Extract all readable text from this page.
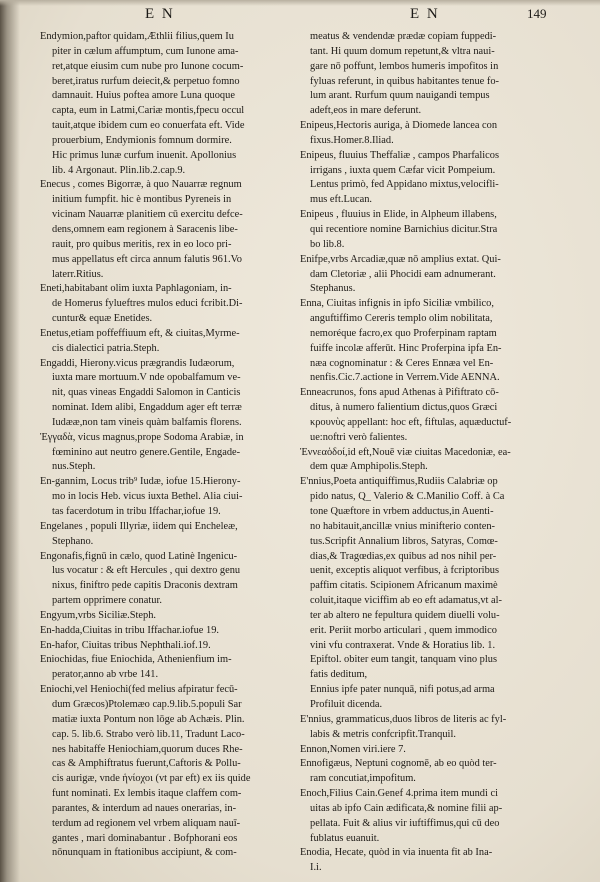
E N	E N	149
Endymion,paftor quidam,Æthlii filius,quem Iu
piter in cælum affumptum, cum Iunone ama-
ret,atque eiusim cum nube pro Iunone cocum-
beret,iratus rurfum deiecit,& perpetuo fomno
damnauit. Huius poftea amore Luna quoque
capta, eum in Latmi,Cariæ montis,fpecu occul
tauit,atque ibidem cum eo conuerfata eft. Vide
prouerbium, Endymionis fomnum dormire.
Hic primus lunæ curfum inuenit. Apollonius
lib. 4 Argonaut. Plin.lib.2.cap.9.
Enecus , comes Bigorræ, à quo Nauarræ regnum
initium fumpfit. hic è montibus Pyreneis in
vicinam Nauarræ planitiem cū exercitu defce-
dens,omnem eam regionem à Saracenis libe-
rauit, pro quibus meritis, rex in eo loco pri-
mus appellatus eft circa annum falutis 961.Vo
laterr.Ritius.
Eneti,habitabant olim iuxta Paphlagoniam, in-
de Homerus fylueftres mulos educi fcribit.Di-
cuntur& equæ Enetides.
Enetus,etiam poffeffiuum eft, & ciuitas,Myrme-
cis dialectici patria.Steph.
Engaddi, Hierony.vicus prægrandis Iudæorum,
iuxta mare mortuum.V nde opobalfamum ve-
nit, quas vineas Engaddi Salomon in Canticis
nominat. Idem alibi, Engaddum ager eft terræ
Iudææ,non tam vineis quàm balfamis florens.
Ἐγγαδὰ, vicus magnus,prope Sodoma Arabiæ, in
fœminino aut neutro genere.Gentile, Engade-
nus.Steph.
En-gannim, Locus trib⁹ Iudæ, iofue 15.Hierony-
mo in locis Heb. vicus iuxta Bethel. Alia ciui-
tas facerdotum in tribu Iffachar,iofue 19.
Engelanes , populi Illyriæ, iidem qui Encheleæ,
Stephano.
Engonafis,fignū in cælo, quod Latinè Ingenicu-
lus vocatur : & eft Hercules , qui dextro genu
nixus, finiftro pede capitis Draconis dextram
partem opprimere conatur.
Engyum,vrbs Siciliæ.Steph.
En-hadda,Ciuitas in tribu Iffachar.iofue 19.
En-hafor, Ciuitas tribus Nephthali.iof.19.
Eniochidas, fiue Eniochida, Athenienfium im-
perator,anno ab vrbe 141.
Eniochi,vel Heniochi(fed melius afpiratur fecū-
dum Græcos)Ptolemæo cap.9.lib.5.populi Sar
matiæ iuxta Pontum non lōge ab Achæis. Plin.
cap. 5. lib.6. Strabo verò lib.11, Tradunt Laco-
nes habitaffe Heniochiam,quorum duces Rhe-
cas & Amphiftratus fuerunt,Caftoris & Pollu-
cis aurigæ, vnde ἡνίοχοι (vt par eft) ex iis quide
funt nominati. Ex lembis itaque claffem com-
parantes, & interdum ad naues onerarias, in-
terdum ad regionem vel vrbem aliquam nauī-
gantes , mari dominabantur . Bofphorani eos
nōnunquam in ftationibus accipiunt, & com-
meatus & vendendæ prædæ copiam fuppedi-
tant. Hi quum domum repetunt,& vltra naui-
gare nō poffunt, lembos humeris impofitos in
fyluas referunt, in quibus habitantes tenue fo-
lum arant. Rurfum quum nauigandi tempus
adeft,eos in mare deferunt.
Enipeus,Hectoris auriga, à Diomede lancea con
fixus.Homer.8.Iliad.
Enipeus, fluuius Theffaliæ , campos Pharfalicos
irrigans , iuxta quem Cæfar vicit Pompeium.
Lentus primò, fed Appidano mixtus,velocifli-
mus eft.Lucan.
Enipeus , fluuius in Elide, in Alpheum illabens,
qui recentiore nomine Barnichius dicitur.Stra
bo lib.8.
Enifpe,vrbs Arcadiæ,quæ nō amplius extat. Qui-
dam Cletoriæ , alii Phocidi eam adnumerant.
Stephanus.
Enna, Ciuitas infignis in ipfo Siciliæ vmbilico,
anguftiffimo Cereris templo olim nobilitata,
nemoréque facro,ex quo Proferpinam raptam
fuiffe incolæ afferūt. Hinc Proferpina ipfa En-
næa cognominatur : & Ceres Ennæa vel En-
nenfis.Cic.7.actione in Verrem.Vide AENNA.
Enneacrunos, fons apud Athenas à Pififtrato cō-
ditus, à numero falientium dictus,quos Græci
κρουνὺς appellant: hoc eft, fiftulas, aquæductuf-
ue:noftri verò falientes.
Ἐννεαὁδοί,id eft,Nouē viæ ciuitas Macedoniæ, ea-
dem quæ Amphipolis.Steph.
E'nnius,Poeta antiquiffimus,Rudiis Calabriæ op
pido natus, Q_ Valerio & C.Manilio Coff. à Ca
tone Quæftore in vrbem adductus,in Auenti-
no habitauit,ancillæ vnius minifterio conten-
tus.Scripfit Annalium libros, Satyras, Comœ-
dias,& Tragœdias,ex quibus ad nos nihil per-
uenit, exceptis aliquot verfibus, à fcriptoribus
paffim citatis. Scipionem Africanum maximè
coluit,itaque viciffim ab eo eft adamatus,vt al-
ter ab altero ne fepultura quidem diuelli volu-
erit. Periit morbo articulari , quem immodico
vini vfu contraxerat. Vnde & Horatius lib. 1.
Epiftol. obiter eum tangit, tanquam vino plus
fatis deditum,
Ennius ipfe pater nunquā, nifi potus,ad arma
Profiluit dicenda.
E'nnius, grammaticus,duos libros de literis ac fyl-
labis & metris confcripfit.Tranquil.
Ennon,Nomen viri.iere 7.
Ennofigæus, Neptuni cognomē, ab eo quòd ter-
ram concutiat,impofitum.
Enoch,Filius Cain.Genef 4.prima item mundi ci
uitas ab ipfo Cain ædificata,& nomine filii ap-
pellata. Fuit & alius vir iuftiffimus,qui cū deo
fublatus euanuit.
Enodia, Hecate, quòd in via inuenta fit ab Ina-
I.i.
